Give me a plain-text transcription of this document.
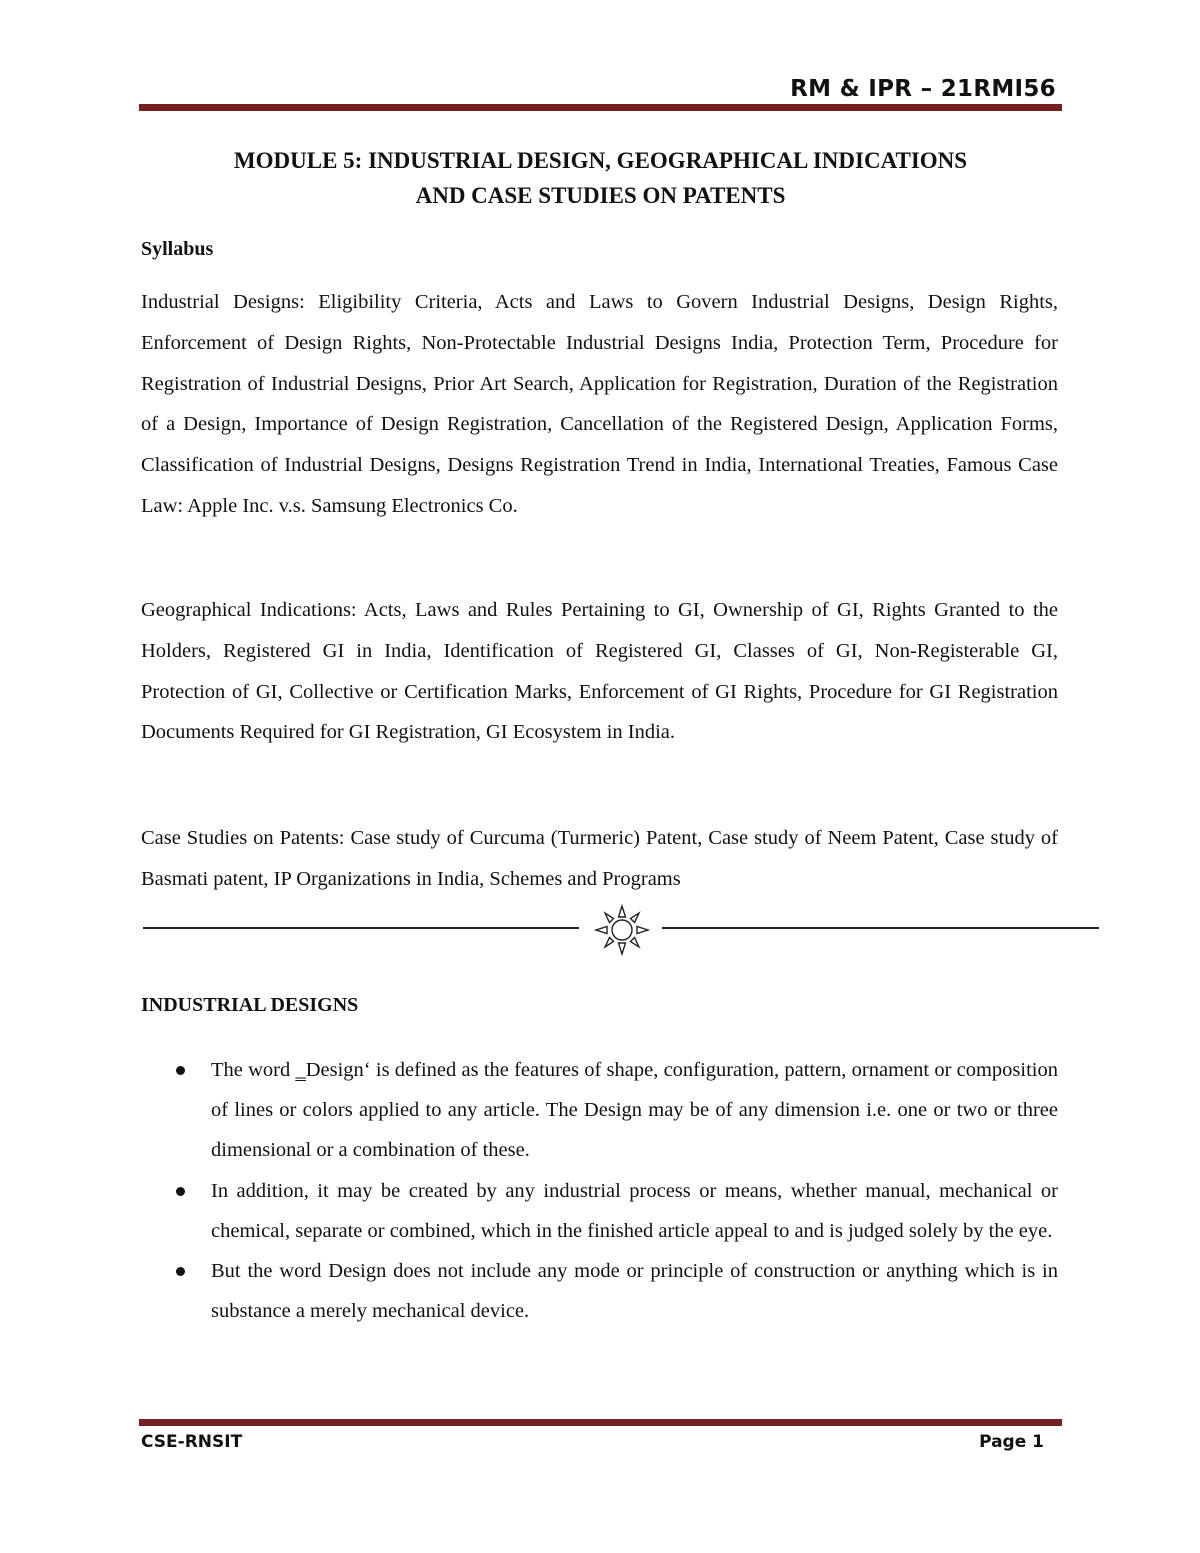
RM & IPR – 21RMI56
MODULE 5: INDUSTRIAL DESIGN, GEOGRAPHICAL INDICATIONS
AND CASE STUDIES ON PATENTS
Syllabus
Industrial Designs: Eligibility Criteria, Acts and Laws to Govern Industrial Designs, Design Rights, Enforcement of Design Rights, Non-Protectable Industrial Designs India, Protection Term, Procedure for Registration of Industrial Designs, Prior Art Search, Application for Registration, Duration of the Registration of a Design, Importance of Design Registration, Cancellation of the Registered Design, Application Forms, Classification of Industrial Designs, Designs Registration Trend in India, International Treaties, Famous Case Law: Apple Inc. v.s. Samsung Electronics Co.
Geographical Indications: Acts, Laws and Rules Pertaining to GI, Ownership of GI, Rights Granted to the Holders, Registered GI in India, Identification of Registered GI, Classes of GI, Non-Registerable GI, Protection of GI, Collective or Certification Marks, Enforcement of GI Rights, Procedure for GI Registration Documents Required for GI Registration, GI Ecosystem in India.
Case Studies on Patents: Case study of Curcuma (Turmeric) Patent, Case study of Neem Patent, Case study of Basmati patent, IP Organizations in India, Schemes and Programs
INDUSTRIAL DESIGNS
The word ‗Design‘ is defined as the features of shape, configuration, pattern, ornament or composition of lines or colors applied to any article. The Design may be of any dimension i.e. one or two or three dimensional or a combination of these.
In addition, it may be created by any industrial process or means, whether manual, mechanical or chemical, separate or combined, which in the finished article appeal to and is judged solely by the eye.
But the word Design does not include any mode or principle of construction or anything which is in substance a merely mechanical device.
CSE-RNSIT	Page 1
